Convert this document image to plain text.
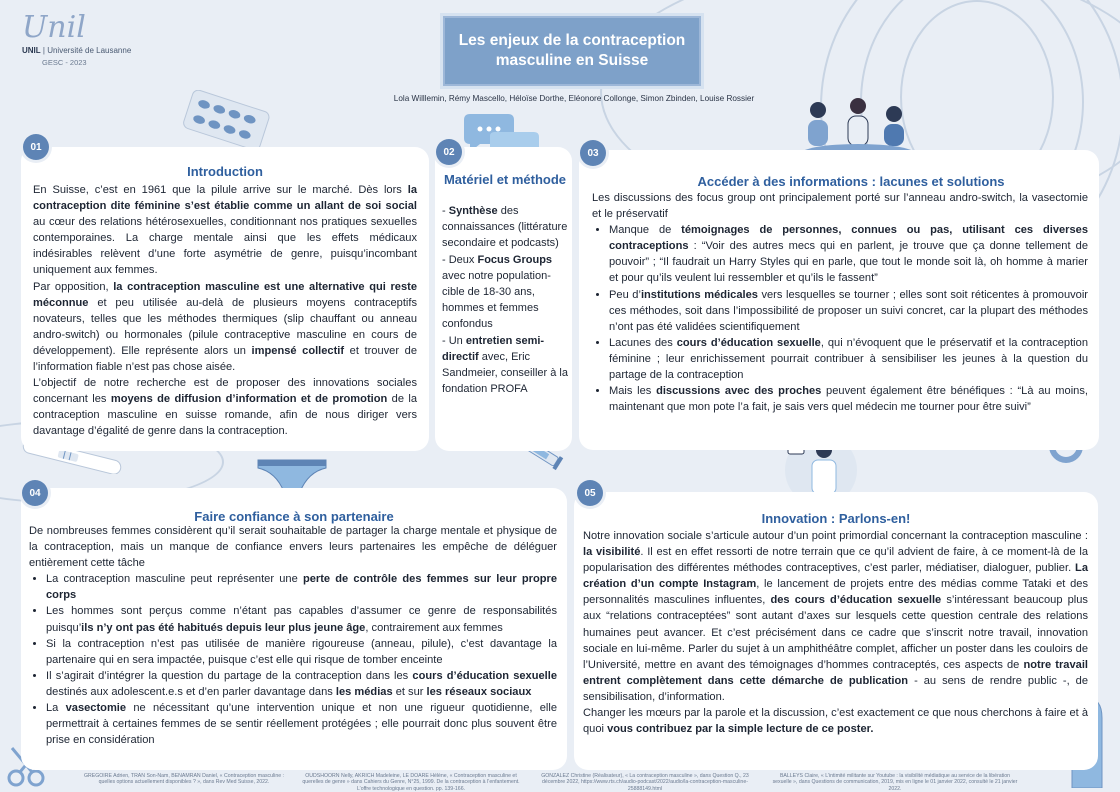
Unil
UNIL | Université de Lausanne
GESC - 2023
Les enjeux de la contraception masculine en Suisse
Lola Willlemin, Rémy Mascello, Héloïse Dorthe, Eléonore Collonge, Simon Zbinden, Louise Rossier
01
Introduction

En Suisse, c’est en 1961 que la pilule arrive sur le marché. Dès lors la contraception dite féminine s’est établie comme un allant de soi social au cœur des relations hétérosexuelles, conditionnant nos pratiques sexuelles contemporaines. La charge mentale ainsi que les effets médicaux indésirables relèvent d’une forte asymétrie de genre, puisqu’incombant uniquement aux femmes.

Par opposition, la contraception masculine est une alternative qui reste méconnue et peu utilisée au-delà de plusieurs moyens contraceptifs novateurs, telles que les méthodes thermiques (slip chauffant ou anneau andro-switch) ou hormonales (pilule contraceptive masculine en cours de développement). Elle représente alors un impensé collectif et trouver de l’information fiable n’est pas chose aisée.

L’objectif de notre recherche est de proposer des innovations sociales concernant les moyens de diffusion d’information et de promotion de la contraception masculine en suisse romande, afin de nous diriger vers davantage d’égalité de genre dans la contraception.

02
Matériel et méthode

- Synthèse des connaissances (littérature secondaire et podcasts)

- Deux Focus Groups avec notre population-cible de 18-30 ans, hommes et femmes confondus

- Un entretien semi-directif avec, Eric Sandmeier, conseiller à la fondation PROFA

03
Accéder à des informations : lacunes et solutions

Les discussions des focus group ont principalement porté sur l’anneau andro-switch, la vasectomie et le préservatif

• Manque de témoignages de personnes, connues ou pas, utilisant ces diverses contraceptions : “Voir des autres mecs qui en parlent, je trouve que ça donne tellement de pouvoir” ; “Il faudrait un Harry Styles qui en parle, que tout le monde soit là, oh homme à marier et pour qu’ils veulent lui ressembler et qu’ils le fassent”
• Peu d’institutions médicales vers lesquelles se tourner ; elles sont soit réticentes à promouvoir ces méthodes, soit dans l’impossibilité de proposer un suivi concret, car la plupart des méthodes n’ont pas été validées scientifiquement
• Lacunes des cours d’éducation sexuelle, qui n’évoquent que le préservatif et la contraception féminine ; leur enrichissement pourrait contribuer à sensibiliser les jeunes à la question du partage de la contraception
• Mais les discussions avec des proches peuvent également être bénéfiques : “Là au moins, maintenant que mon pote l’a fait, je sais vers quel médecin me tourner pour être suivi”
04
Faire confiance à son partenaire

De nombreuses femmes considèrent qu’il serait souhaitable de partager la charge mentale et physique de la contraception, mais un manque de confiance envers leurs partenaires les empêche de déléguer entièrement cette tâche

• La contraception masculine peut représenter une perte de contrôle des femmes sur leur propre corps
• Les hommes sont perçus comme n’étant pas capables d’assumer ce genre de responsabilités puisqu’ils n’y ont pas été habitués depuis leur plus jeune âge, contrairement aux femmes
• Si la contraception n’est pas utilisée de manière rigoureuse (anneau, pilule), c’est davantage la partenaire qui en sera impactée, puisque c’est elle qui risque de tomber enceinte
• Il s’agirait d’intégrer la question du partage de la contraception dans les cours d’éducation sexuelle destinés aux adolescent.e.s et d’en parler davantage dans les médias et sur les réseaux sociaux
• La vasectomie ne nécessitant qu’une intervention unique et non une rigueur quotidienne, elle permettrait à certaines femmes de se sentir réellement protégées ; elle pourrait donc plus souvent être prise en considération
05
Innovation : Parlons-en!

Notre innovation sociale s’articule autour d’un point primordial concernant la contraception masculine : la visibilité. Il est en effet ressorti de notre terrain que ce qu’il advient de faire, à ce moment-là de la popularisation des différentes méthodes contraceptives, c’est parler, médiatiser, dialoguer, publier. La création d’un compte Instagram, le lancement de projets entre des médias comme Tataki et des personnalités masculines influentes, des cours d’éducation sexuelle s’intéressant beaucoup plus aux “relations contraceptées” sont autant d’axes sur lesquels cette question centrale des relations humaines peut avancer. Et c’est précisément dans ce cadre que s’inscrit notre travail, innovation sociale en lui-même. Parler du sujet à un amphithéâtre complet, afficher un poster dans les couloirs de l’Université, mettre en avant des témoignages d’hommes contraceptés, ces aspects de notre travail entrent complètement dans cette démarche de publication - au sens de rendre public -, de sensibilisation, d’information.

Changer les mœurs par la parole et la discussion, c’est exactement ce que nous cherchons à faire et à quoi vous contribuez par la simple lecture de ce poster.

GREGOIRE Adrien, TRAN Son-Nam, BENAMRAN Daniel, « Contraception masculine : quelles options actuellement disponibles ? », dans Rev Med Suisse, 2022.
OUDSHOORN Nelly, AKRICH Madeleine, LE DOARE Hélène, « Contraception masculine et querelles de genre » dans Cahiers du Genre, N°25, 1999. De la contraception à l’enfantement. L’offre technologique en question. pp. 139-166.
GONZALEZ Christine (Réalisateur), « La contraception masculine », dans Question Q., 23 décembre 2022, https://www.rts.ch/audio-podcast/2022/audio/la-contraception-masculine-25888149.html
BALLEYS Claire, « L’intimité militante sur Youtube : la visibilité médiatique au service de la libération sexuelle », dans Questions de communication, 2019, mis en ligne le 01 janvier 2022, consulté le 21 janvier 2022.
